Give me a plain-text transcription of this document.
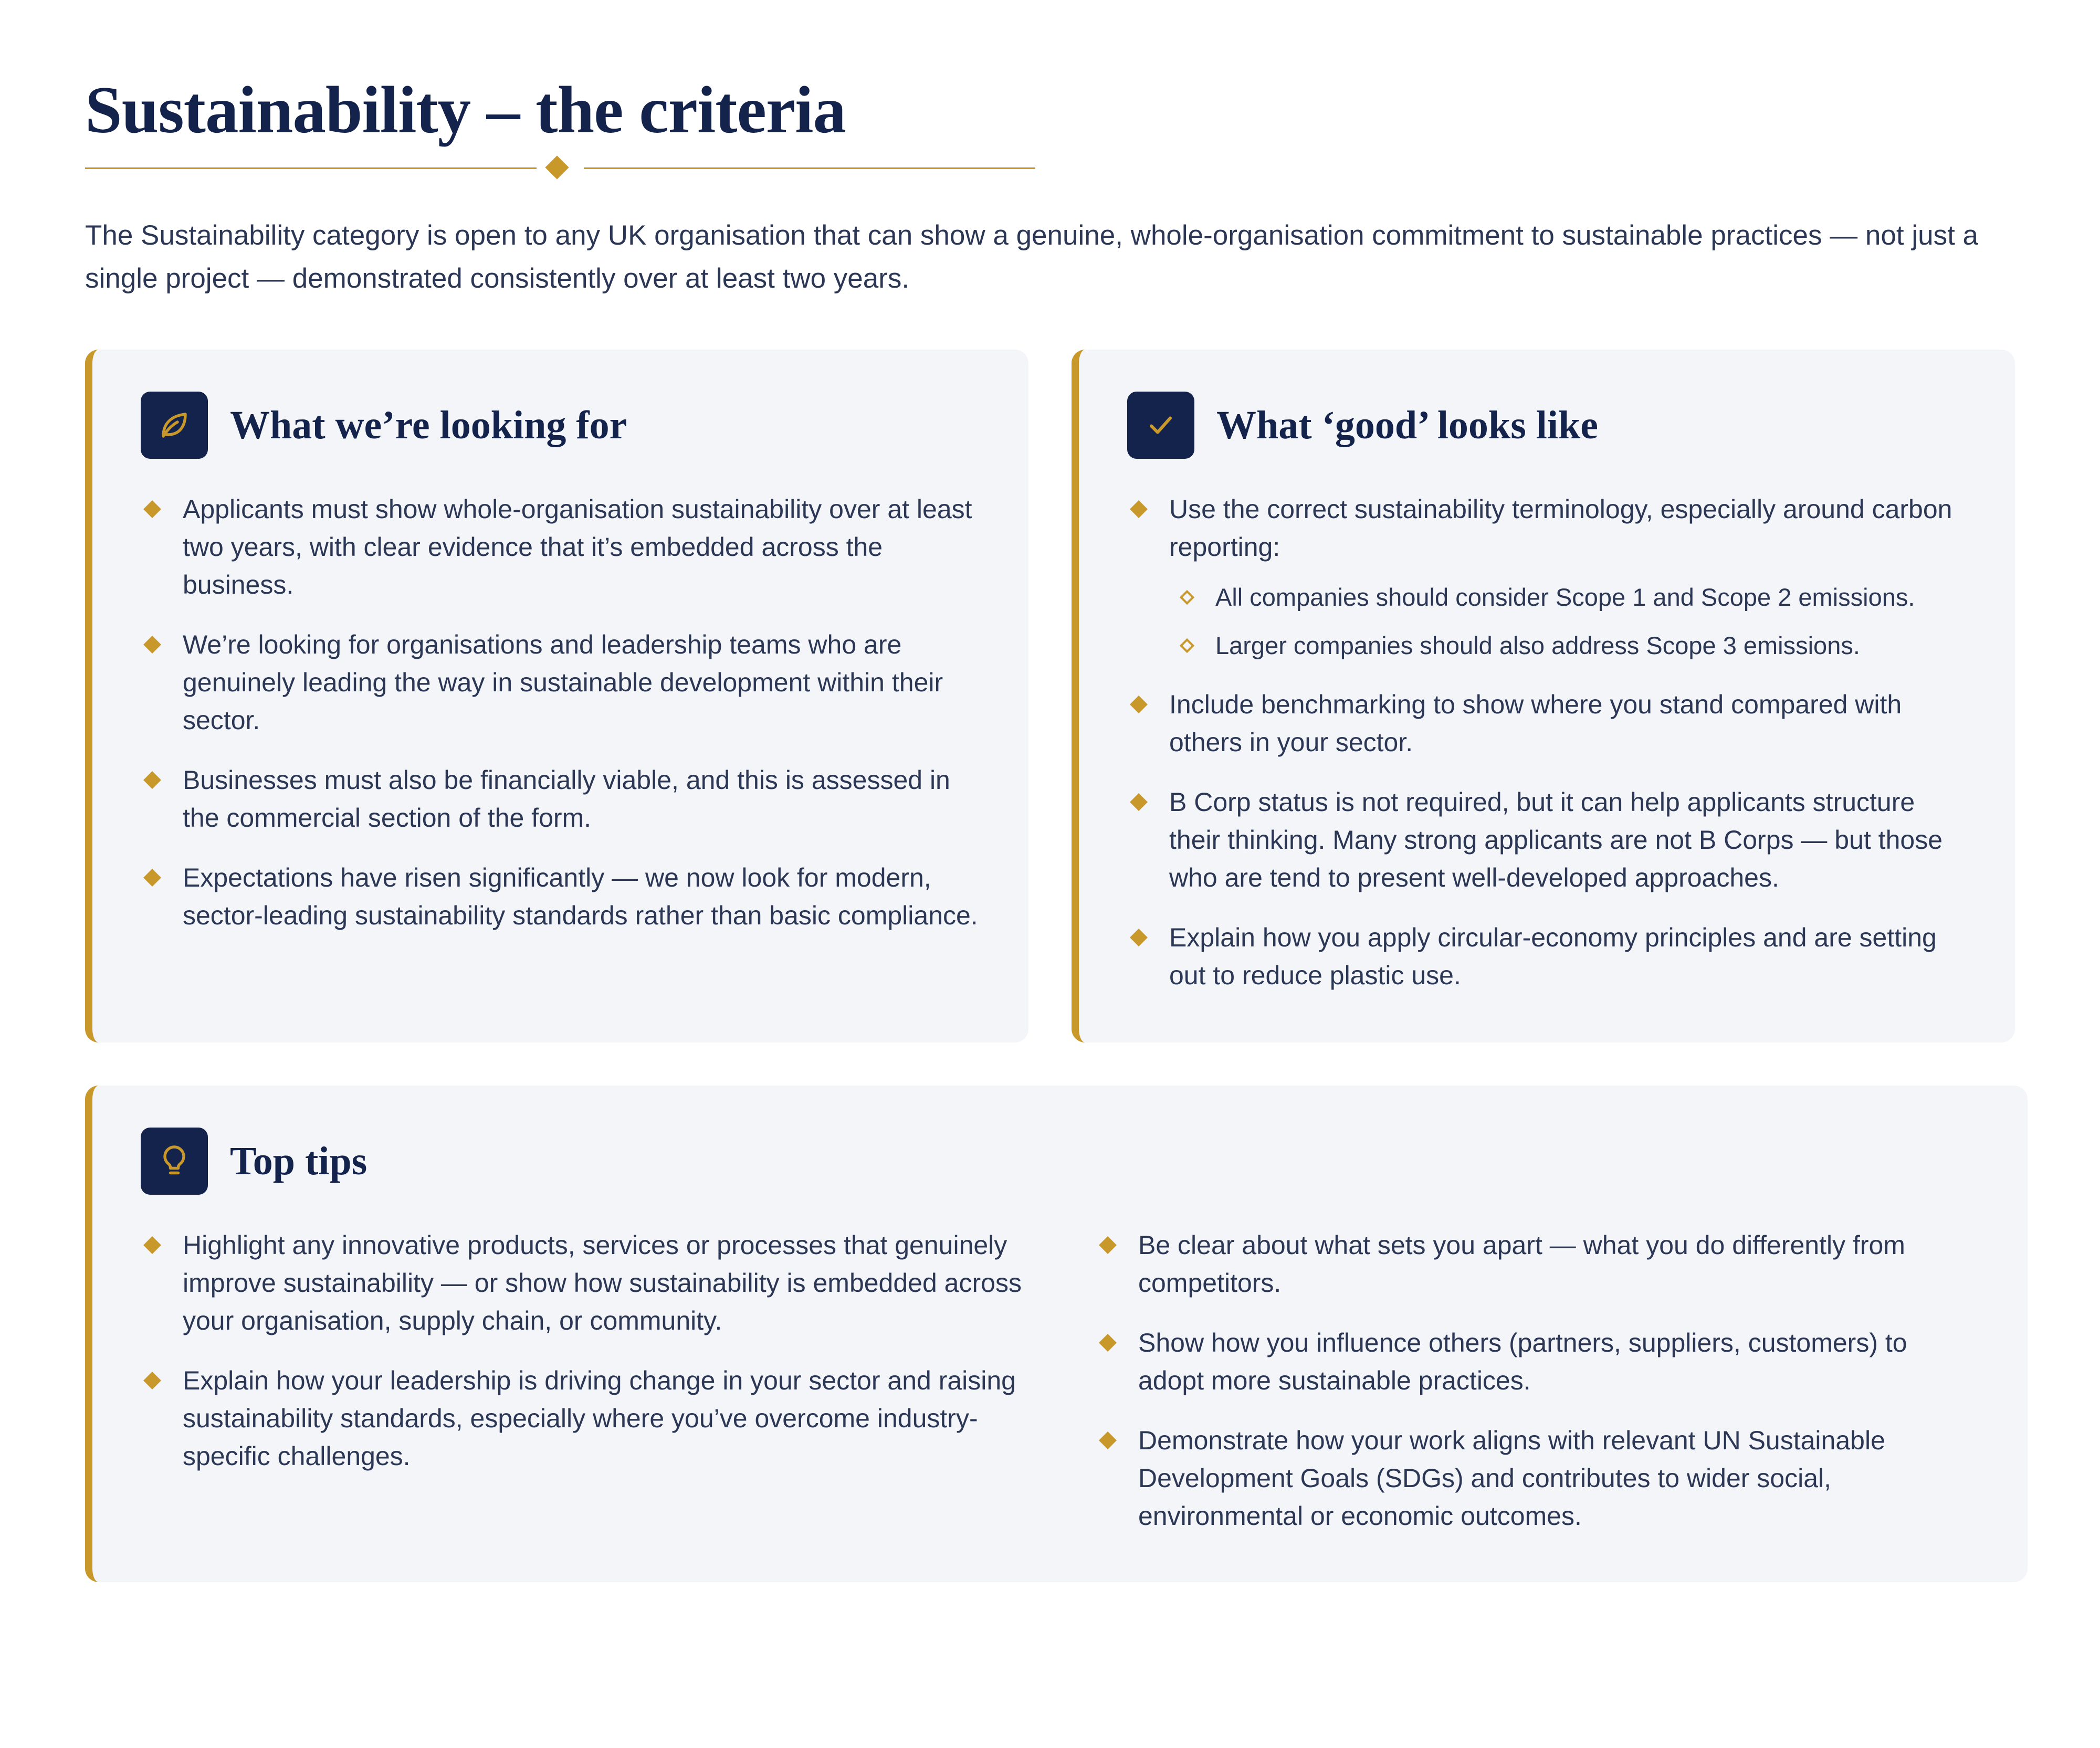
Sustainability – the criteria

The Sustainability category is open to any UK organisation that can show a genuine, whole-organisation commitment to sustainable practices — not just a single project — demonstrated consistently over at least two years.

What we’re looking for
Applicants must show whole-organisation sustainability over at least two years, with clear evidence that it’s embedded across the business.
We’re looking for organisations and leadership teams who are genuinely leading the way in sustainable development within their sector.
Businesses must also be financially viable, and this is assessed in the commercial section of the form.
Expectations have risen significantly — we now look for modern, sector-leading sustainability standards rather than basic compliance.
What ‘good’ looks like
Use the correct sustainability terminology, especially around carbon reporting:
All companies should consider Scope 1 and Scope 2 emissions.
Larger companies should also address Scope 3 emissions.
Include benchmarking to show where you stand compared with others in your sector.
B Corp status is not required, but it can help applicants structure their thinking. Many strong applicants are not B Corps — but those who are tend to present well-developed approaches.
Explain how you apply circular-economy principles and are setting out to reduce plastic use.
Top tips
Highlight any innovative products, services or processes that genuinely improve sustainability — or show how sustainability is embedded across your organisation, supply chain, or community.
Explain how your leadership is driving change in your sector and raising sustainability standards, especially where you’ve overcome industry-specific challenges.
Be clear about what sets you apart — what you do differently from competitors.
Show how you influence others (partners, suppliers, customers) to adopt more sustainable practices.
Demonstrate how your work aligns with relevant UN Sustainable Development Goals (SDGs) and contributes to wider social, environmental or economic outcomes.
